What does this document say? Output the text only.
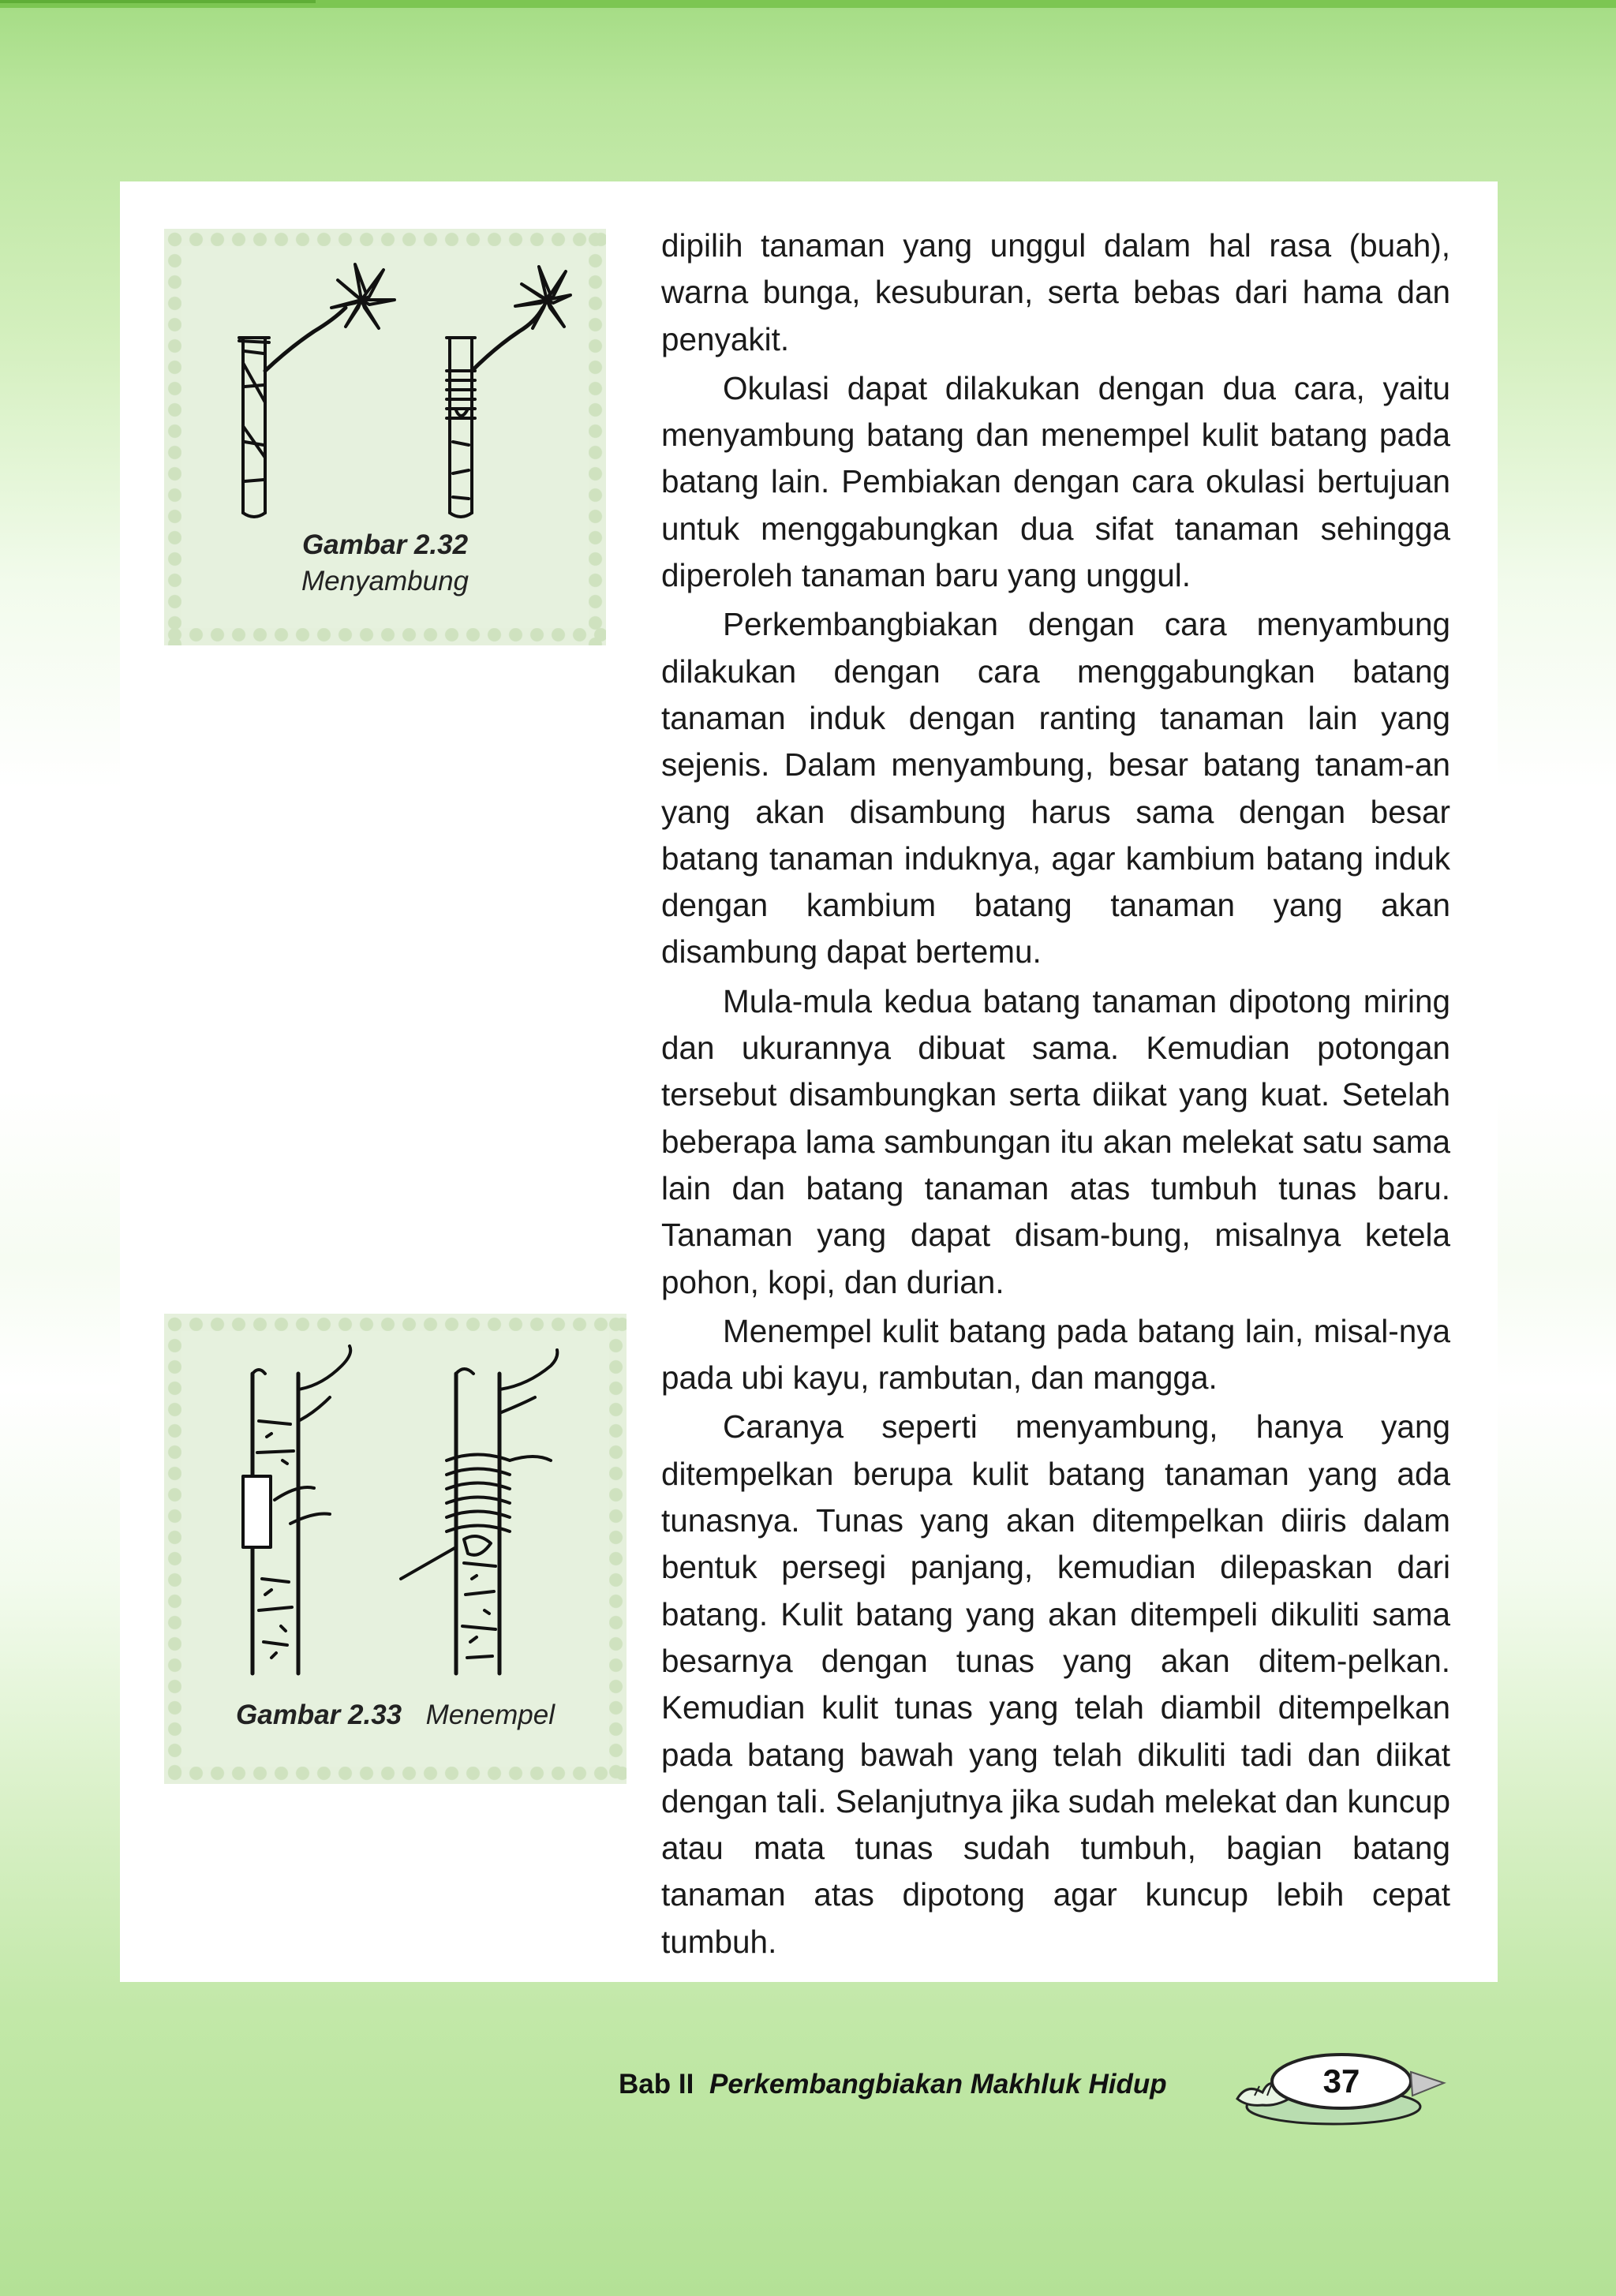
Gambar 2.32
Menyambung
Gambar 2.33 Menempel

dipilih tanaman yang unggul dalam hal rasa (buah), warna bunga, kesuburan, serta bebas dari hama dan penyakit.

Okulasi dapat dilakukan dengan dua cara, yaitu menyambung batang dan menempel kulit batang pada batang lain. Pembiakan dengan cara okulasi bertujuan untuk menggabungkan dua sifat tanaman sehingga diperoleh tanaman baru yang unggul.

Perkembangbiakan dengan cara menyambung dilakukan dengan cara menggabungkan batang tanaman induk dengan ranting tanaman lain yang sejenis. Dalam menyambung, besar batang tanam-an yang akan disambung harus sama dengan besar batang tanaman induknya, agar kambium batang induk dengan kambium batang tanaman yang akan disambung dapat bertemu.

Mula-mula kedua batang tanaman dipotong miring dan ukurannya dibuat sama. Kemudian potongan tersebut disambungkan serta diikat yang kuat. Setelah beberapa lama sambungan itu akan melekat satu sama lain dan batang tanaman atas tumbuh tunas baru. Tanaman yang dapat disam-bung, misalnya ketela pohon, kopi, dan durian.

Menempel kulit batang pada batang lain, misal-nya pada ubi kayu, rambutan, dan mangga.

Caranya seperti menyambung, hanya yang ditempelkan berupa kulit batang tanaman yang ada tunasnya. Tunas yang akan ditempelkan diiris dalam bentuk persegi panjang, kemudian dilepaskan dari batang. Kulit batang yang akan ditempeli dikuliti sama besarnya dengan tunas yang akan ditem-pelkan. Kemudian kulit tunas yang telah diambil ditempelkan pada batang bawah yang telah dikuliti tadi dan diikat dengan tali. Selanjutnya jika sudah melekat dan kuncup atau mata tunas sudah tumbuh, bagian batang tanaman atas dipotong agar kuncup lebih cepat tumbuh.

Bab II Perkembangbiakan Makhluk Hidup	37
